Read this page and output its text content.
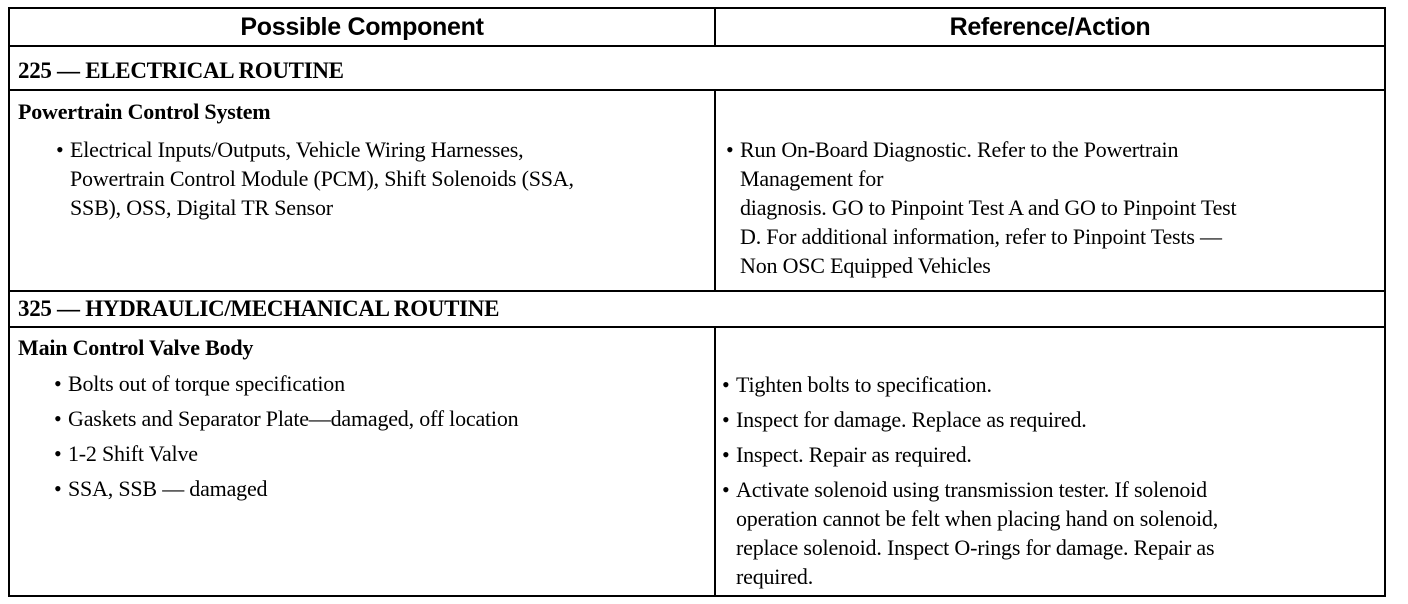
Possible Component	Reference/Action
225 — ELECTRICAL ROUTINE
Powertrain Control System
• Electrical Inputs/Outputs, Vehicle Wiring Harnesses,
Powertrain Control Module (PCM), Shift Solenoids (SSA,
SSB), OSS, Digital TR Sensor
• Run On-Board Diagnostic. Refer to the Powertrain
Management for
diagnosis. GO to Pinpoint Test A and GO to Pinpoint Test
D. For additional information, refer to Pinpoint Tests —
Non OSC Equipped Vehicles
325 — HYDRAULIC/MECHANICAL ROUTINE
Main Control Valve Body
• Bolts out of torque specification
• Gaskets and Separator Plate—damaged, off location
• 1-2 Shift Valve
• SSA, SSB — damaged
• Tighten bolts to specification.
• Inspect for damage. Replace as required.
• Inspect. Repair as required.
• Activate solenoid using transmission tester. If solenoid
operation cannot be felt when placing hand on solenoid,
replace solenoid. Inspect O-rings for damage. Repair as
required.
